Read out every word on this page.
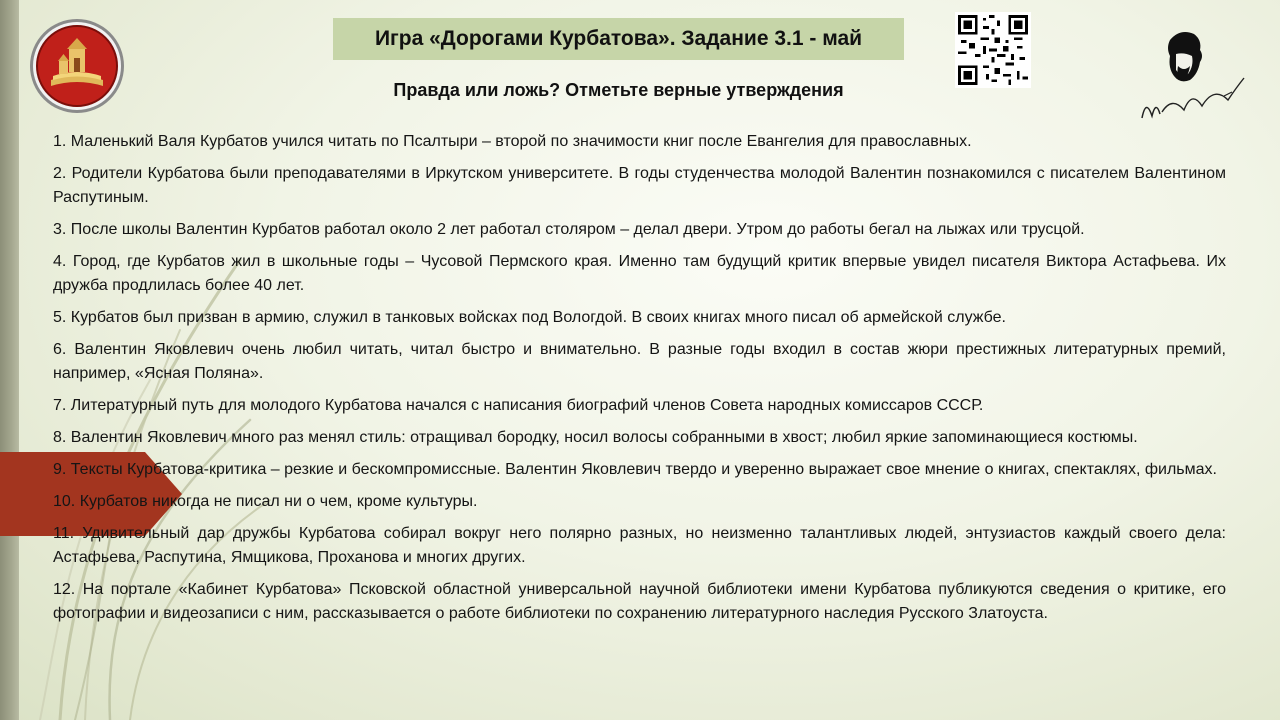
Игра «Дорогами Курбатова». Задание 3.1 - май
Правда или ложь? Отметьте верные утверждения

1. Маленький Валя Курбатов учился читать по Псалтыри – второй по значимости книг после Евангелия для православных.

2. Родители Курбатова были преподавателями в Иркутском университете. В годы студенчества молодой Валентин познакомился с писателем Валентином Распутиным.

3. После школы Валентин Курбатов работал около 2 лет работал столяром – делал двери. Утром до работы бегал на лыжах или трусцой.

4. Город, где Курбатов жил в школьные годы – Чусовой Пермского края. Именно там будущий критик впервые увидел писателя Виктора Астафьева. Их дружба продлилась более 40 лет.

5. Курбатов был призван в армию, служил в танковых войсках под Вологдой. В своих книгах много писал об армейской службе.

6. Валентин Яковлевич очень любил читать, читал быстро и внимательно. В разные годы входил в состав жюри престижных литературных премий, например, «Ясная Поляна».

7. Литературный путь для молодого Курбатова начался с написания биографий членов Совета народных комиссаров СССР.

8. Валентин Яковлевич много раз менял стиль: отращивал бородку, носил волосы собранными в хвост; любил яркие запоминающиеся костюмы.

9. Тексты Курбатова-критика – резкие и бескомпромиссные. Валентин Яковлевич твердо и уверенно выражает свое мнение о книгах, спектаклях, фильмах.

10. Курбатов никогда не писал ни о чем, кроме культуры.

11. Удивительный дар дружбы Курбатова собирал вокруг него полярно разных, но неизменно талантливых людей, энтузиастов каждый своего дела: Астафьева, Распутина, Ямщикова, Проханова и многих других.

12. На портале «Кабинет Курбатова» Псковской областной универсальной научной библиотеки имени Курбатова публикуются сведения о критике, его фотографии и видеозаписи с ним, рассказывается о работе библиотеки по сохранению литературного наследия Русского Златоуста.
